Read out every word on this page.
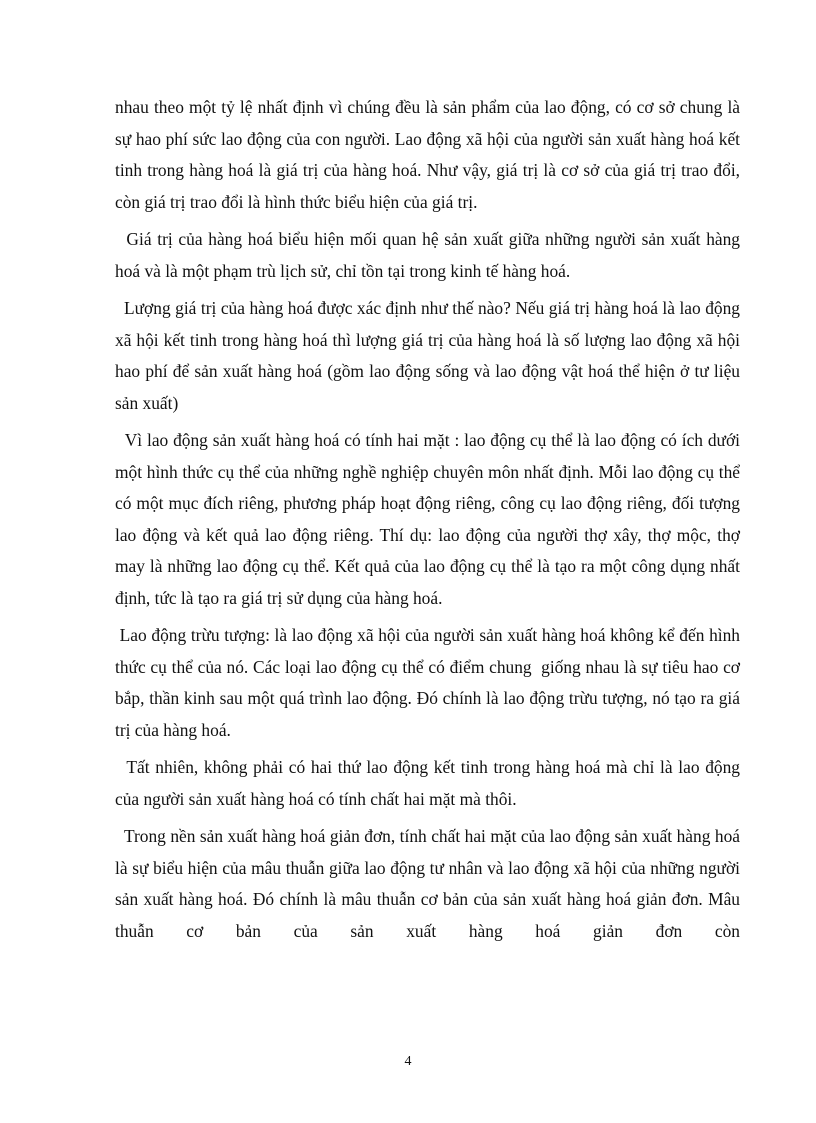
nhau theo một tỷ lệ nhất định vì chúng đều là sản phẩm của lao động, có cơ sở chung là sự hao phí sức lao động của con người. Lao động xã hội của người sản xuất hàng hoá kết tinh trong hàng hoá là giá trị của hàng hoá. Như vậy, giá trị là cơ sở của giá trị trao đổi, còn giá trị trao đổi là hình thức biểu hiện của giá trị.

Giá trị của hàng hoá biểu hiện mối quan hệ sản xuất giữa những người sản xuất hàng hoá và là một phạm trù lịch sử, chỉ tồn tại trong kinh tế hàng hoá.

Lượng giá trị của hàng hoá được xác định như thế nào? Nếu giá trị hàng hoá là lao động xã hội kết tinh trong hàng hoá thì lượng giá trị của hàng hoá là số lượng lao động xã hội hao phí để sản xuất hàng hoá (gồm lao động sống và lao động vật hoá thể hiện ở tư liệu sản xuất)

Vì lao động sản xuất hàng hoá có tính hai mặt : lao động cụ thể là lao động có ích dưới một hình thức cụ thể của những nghề nghiệp chuyên môn nhất định. Mỗi lao động cụ thể có một mục đích riêng, phương pháp hoạt động riêng, công cụ lao động riêng, đối tượng lao động và kết quả lao động riêng. Thí dụ: lao động của người thợ xây, thợ mộc, thợ may là những lao động cụ thể. Kết quả của lao động cụ thể là tạo ra một công dụng nhất định, tức là tạo ra giá trị sử dụng của hàng hoá.

Lao động trừu tượng: là lao động xã hội của người sản xuất hàng hoá không kể đến hình thức cụ thể của nó. Các loại lao động cụ thể có điểm chung  giống nhau là sự tiêu hao cơ bắp, thần kinh sau một quá trình lao động. Đó chính là lao động trừu tượng, nó tạo ra giá trị của hàng hoá.

Tất nhiên, không phải có hai thứ lao động kết tinh trong hàng hoá mà chỉ là lao động của người sản xuất hàng hoá có tính chất hai mặt mà thôi.

Trong nền sản xuất hàng hoá giản đơn, tính chất hai mặt của lao động sản xuất hàng hoá là sự biểu hiện của mâu thuẫn giữa lao động tư nhân và lao động xã hội của những người sản xuất hàng hoá. Đó chính là mâu thuẫn cơ bản của sản xuất hàng hoá giản đơn. Mâu thuẫn cơ bản của sản xuất hàng hoá giản đơn còn

4
